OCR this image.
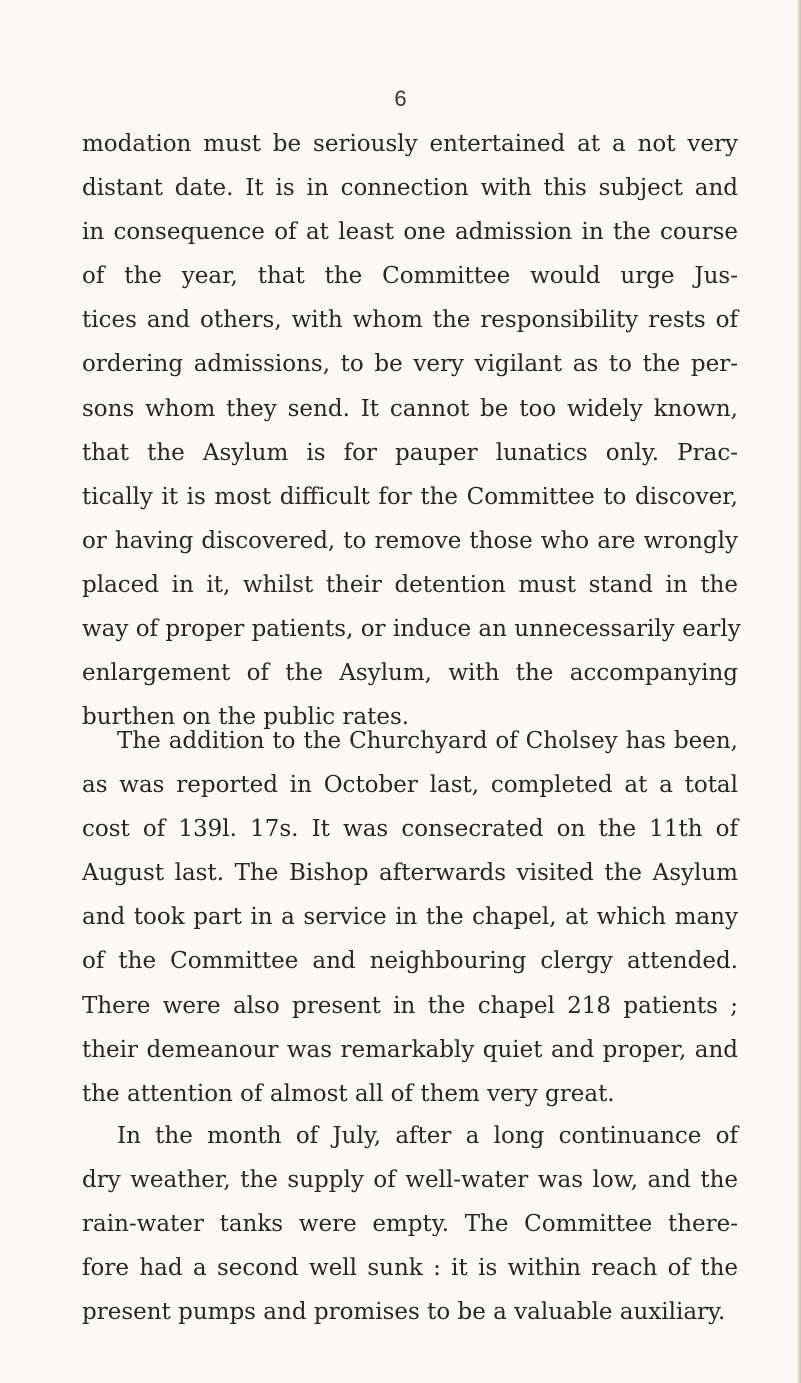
6
modation must be seriously entertained at a not very
distant date. It is in connection with this subject and
in consequence of at least one admission in the course
of the year, that the Committee would urge Jus-
tices and others, with whom the responsibility rests of
ordering admissions, to be very vigilant as to the per-
sons whom they send. It cannot be too widely known,
that the Asylum is for pauper lunatics only. Prac-
tically it is most difficult for the Committee to discover,
or having discovered, to remove those who are wrongly
placed in it, whilst their detention must stand in the
way of proper patients, or induce an unnecessarily early
enlargement of the Asylum, with the accompanying
burthen on the public rates.
The addition to the Churchyard of Cholsey has been,
as was reported in October last, completed at a total
cost of 139l. 17s. It was consecrated on the 11th of
August last. The Bishop afterwards visited the Asylum
and took part in a service in the chapel, at which many
of the Committee and neighbouring clergy attended.
There were also present in the chapel 218 patients ;
their demeanour was remarkably quiet and proper, and
the attention of almost all of them very great.
In the month of July, after a long continuance of
dry weather, the supply of well-water was low, and the
rain-water tanks were empty. The Committee there-
fore had a second well sunk : it is within reach of the
present pumps and promises to be a valuable auxiliary.
